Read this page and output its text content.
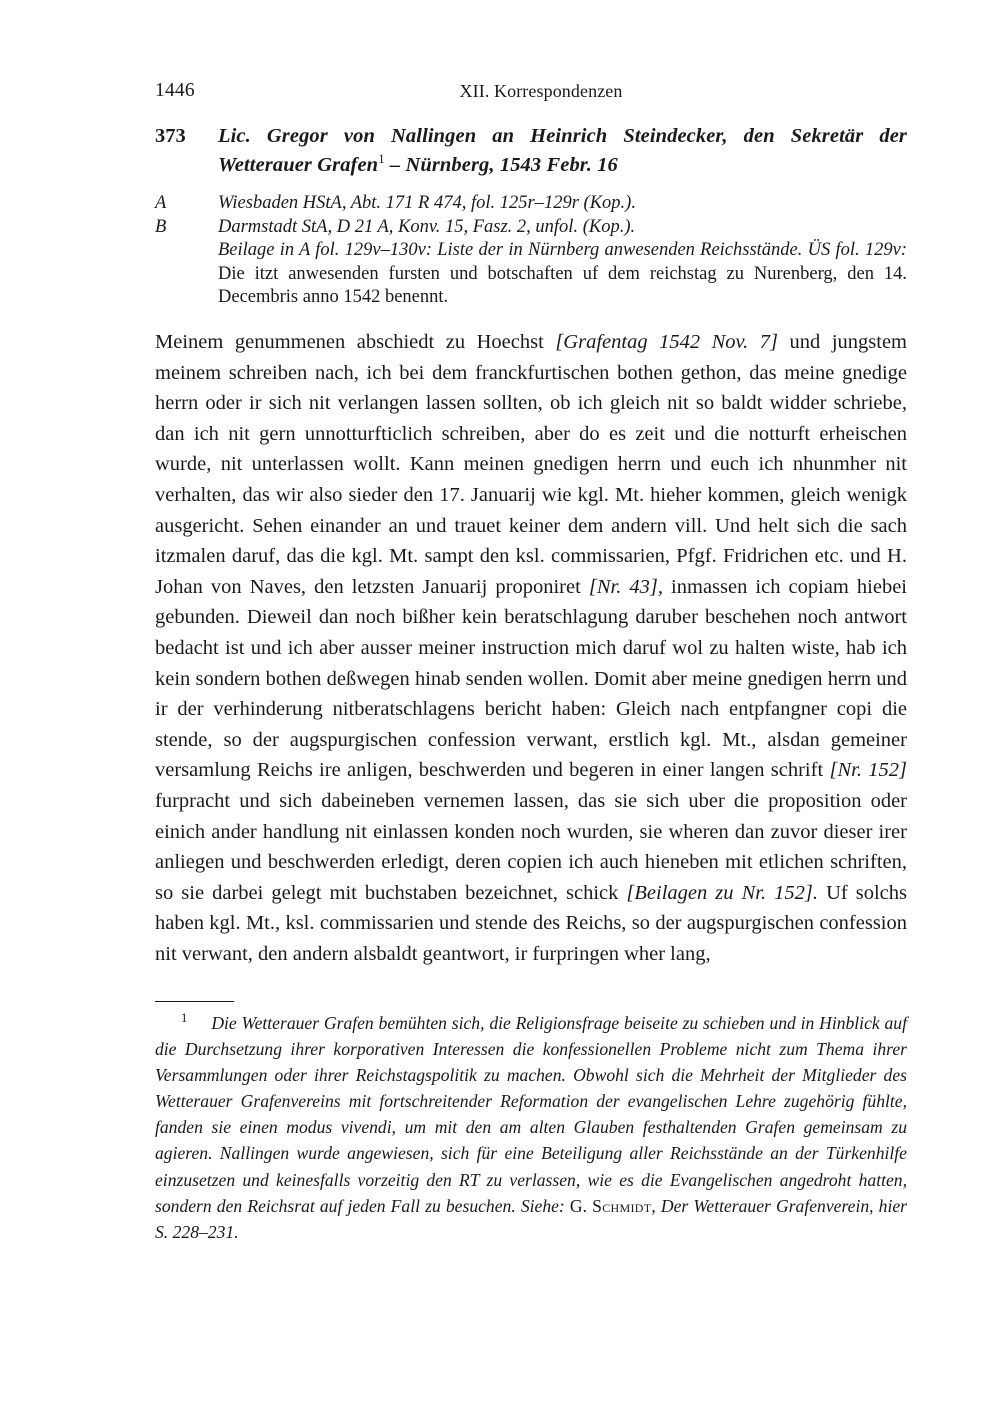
1446	XII. Korrespondenzen
373 Lic. Gregor von Nallingen an Heinrich Steindecker, den Sekretär der Wetterauer Grafen$^1$ – Nürnberg, 1543 Febr. 16
A	Wiesbaden HStA, Abt. 171 R 474, fol. 125r–129r (Kop.).
B	Darmstadt StA, D 21 A, Konv. 15, Fasz. 2, unfol. (Kop.).
Beilage in A fol. 129v–130v: Liste der in Nürnberg anwesenden Reichsstände. ÜS fol. 129v: Die itzt anwesenden fursten und botschaften uf dem reichstag zu Nurenberg, den 14. Decembris anno 1542 benennt.
Meinem genummenen abschiedt zu Hoechst [Grafentag 1542 Nov. 7] und jungstem meinem schreiben nach, ich bei dem franckfurtischen bothen gethon, das meine gnedige herrn oder ir sich nit verlangen lassen sollten, ob ich gleich nit so baldt widder schriebe, dan ich nit gern unnotturfticlich schreiben, aber do es zeit und die notturft erheischen wurde, nit unterlassen wollt. Kann meinen gnedigen herrn und euch ich nhunmher nit verhalten, das wir also sieder den 17. Januarij wie kgl. Mt. hieher kommen, gleich wenigk ausgericht. Sehen einander an und trauet keiner dem andern vill. Und helt sich die sach itzmalen daruf, das die kgl. Mt. sampt den ksl. commissarien, Pfgf. Fridrichen etc. und H. Johan von Naves, den letzsten Januarij proponiret [Nr. 43], inmassen ich copiam hiebei gebunden. Dieweil dan noch bißher kein beratschlagung daruber beschehen noch antwort bedacht ist und ich aber ausser meiner instruction mich daruf wol zu halten wiste, hab ich kein sondern bothen deßwegen hinab senden wollen. Domit aber meine gnedigen herrn und ir der verhinderung nitberatschlagens bericht haben: Gleich nach entpfangner copi die stende, so der augspurgischen confession verwant, erstlich kgl. Mt., alsdan gemeiner versamlung Reichs ire anligen, beschwerden und begeren in einer langen schrift [Nr. 152] furpracht und sich dabeineben vernemen lassen, das sie sich uber die proposition oder einich ander handlung nit einlassen konden noch wurden, sie wheren dan zuvor dieser irer anliegen und beschwerden erledigt, deren copien ich auch hieneben mit etlichen schriften, so sie darbei gelegt mit buchstaben bezeichnet, schick [Beilagen zu Nr. 152]. Uf solchs haben kgl. Mt., ksl. commissarien und stende des Reichs, so der augspurgischen confession nit verwant, den andern alsbaldt geantwort, ir furpringen wher lang,
$^1$ Die Wetterauer Grafen bemühten sich, die Religionsfrage beiseite zu schieben und in Hinblick auf die Durchsetzung ihrer korporativen Interessen die konfessionellen Probleme nicht zum Thema ihrer Versammlungen oder ihrer Reichstagspolitik zu machen. Obwohl sich die Mehrheit der Mitglieder des Wetterauer Grafenvereins mit fortschreitender Reformation der evangelischen Lehre zugehörig fühlte, fanden sie einen modus vivendi, um mit den am alten Glauben festhaltenden Grafen gemeinsam zu agieren. Nallingen wurde angewiesen, sich für eine Beteiligung aller Reichsstände an der Türkenhilfe einzusetzen und keinesfalls vorzeitig den RT zu verlassen, wie es die Evangelischen angedroht hatten, sondern den Reichsrat auf jeden Fall zu besuchen. Siehe: G. Schmidt, Der Wetterauer Grafenverein, hier S. 228–231.
